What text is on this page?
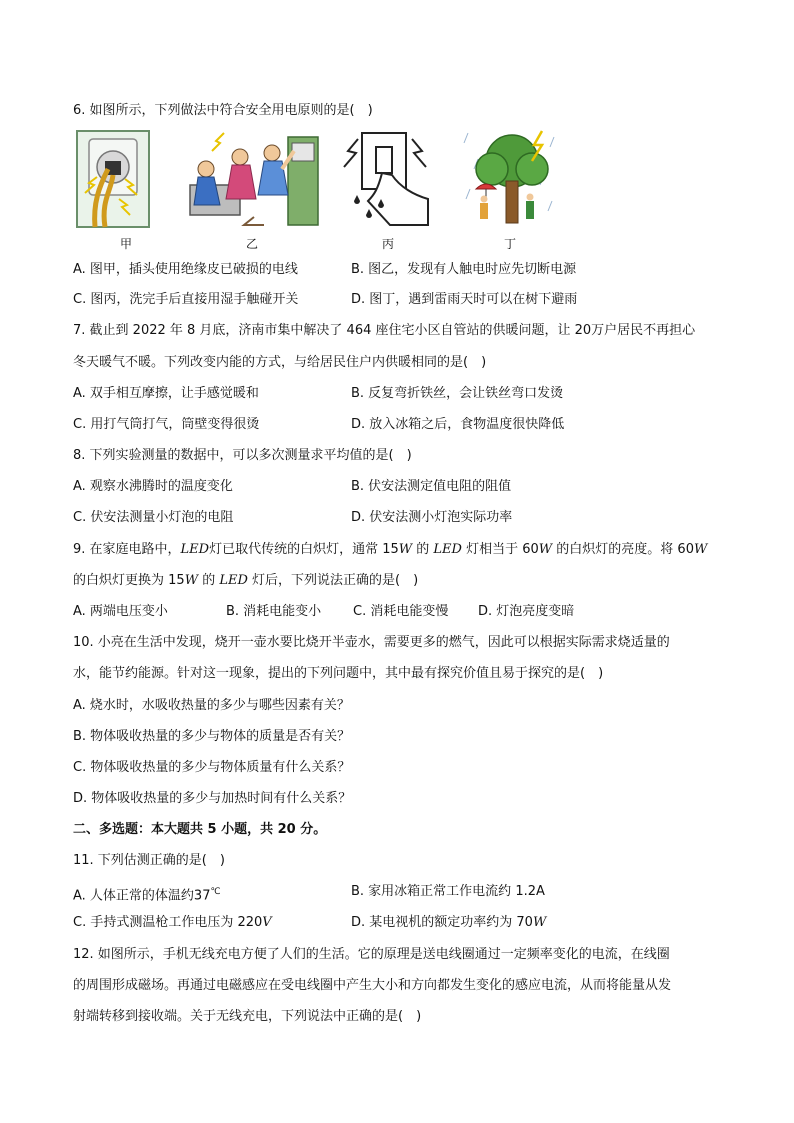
6. 如图所示，下列做法中符合安全用电原则的是(　)
甲	乙	丙	丁
A. 图甲，插头使用绝缘皮已破损的电线	B. 图乙，发现有人触电时应先切断电源
C. 图丙，洗完手后直接用湿手触碰开关	D. 图丁，遇到雷雨天时可以在树下避雨
7. 截止到 2022 年 8 月底，济南市集中解决了 464 座住宅小区自管站的供暖问题，让 20万户居民不再担心
冬天暖气不暖。下列改变内能的方式，与给居民住户内供暖相同的是(　)
A. 双手相互摩擦，让手感觉暖和	B. 反复弯折铁丝，会让铁丝弯口发烫
C. 用打气筒打气，筒壁变得很烫	D. 放入冰箱之后，食物温度很快降低
8. 下列实验测量的数据中，可以多次测量求平均值的是(　)
A. 观察水沸腾时的温度变化	B. 伏安法测定值电阻的阻值
C. 伏安法测量小灯泡的电阻	D. 伏安法测小灯泡实际功率
9. 在家庭电路中，LED灯已取代传统的白炽灯，通常 15W 的 LED 灯相当于 60W 的白炽灯的亮度。将 60W
的白炽灯更换为 15W 的 LED 灯后，下列说法正确的是(　)
A. 两端电压变小	B. 消耗电能变小 C. 消耗电能变慢 D. 灯泡亮度变暗
10. 小亮在生活中发现，烧开一壶水要比烧开半壶水，需要更多的燃气，因此可以根据实际需求烧适量的
水，能节约能源。针对这一现象，提出的下列问题中，其中最有探究价值且易于探究的是(　)
A. 烧水时，水吸收热量的多少与哪些因素有关？
B. 物体吸收热量的多少与物体的质量是否有关？
C. 物体吸收热量的多少与物体质量有什么关系？
D. 物体吸收热量的多少与加热时间有什么关系？
二、多选题：本大题共 5 小题，共 20 分。
11. 下列估测正确的是(　)
A. 人体正常的体温约37℃	B. 家用冰箱正常工作电流约 1.2A
C. 手持式测温枪工作电压为 220V	D. 某电视机的额定功率约为 70W
12. 如图所示，手机无线充电方便了人们的生活。它的原理是送电线圈通过一定频率变化的电流，在线圈
的周围形成磁场。再通过电磁感应在受电线圈中产生大小和方向都发生变化的感应电流，从而将能量从发
射端转移到接收端。关于无线充电，下列说法中正确的是(　)
